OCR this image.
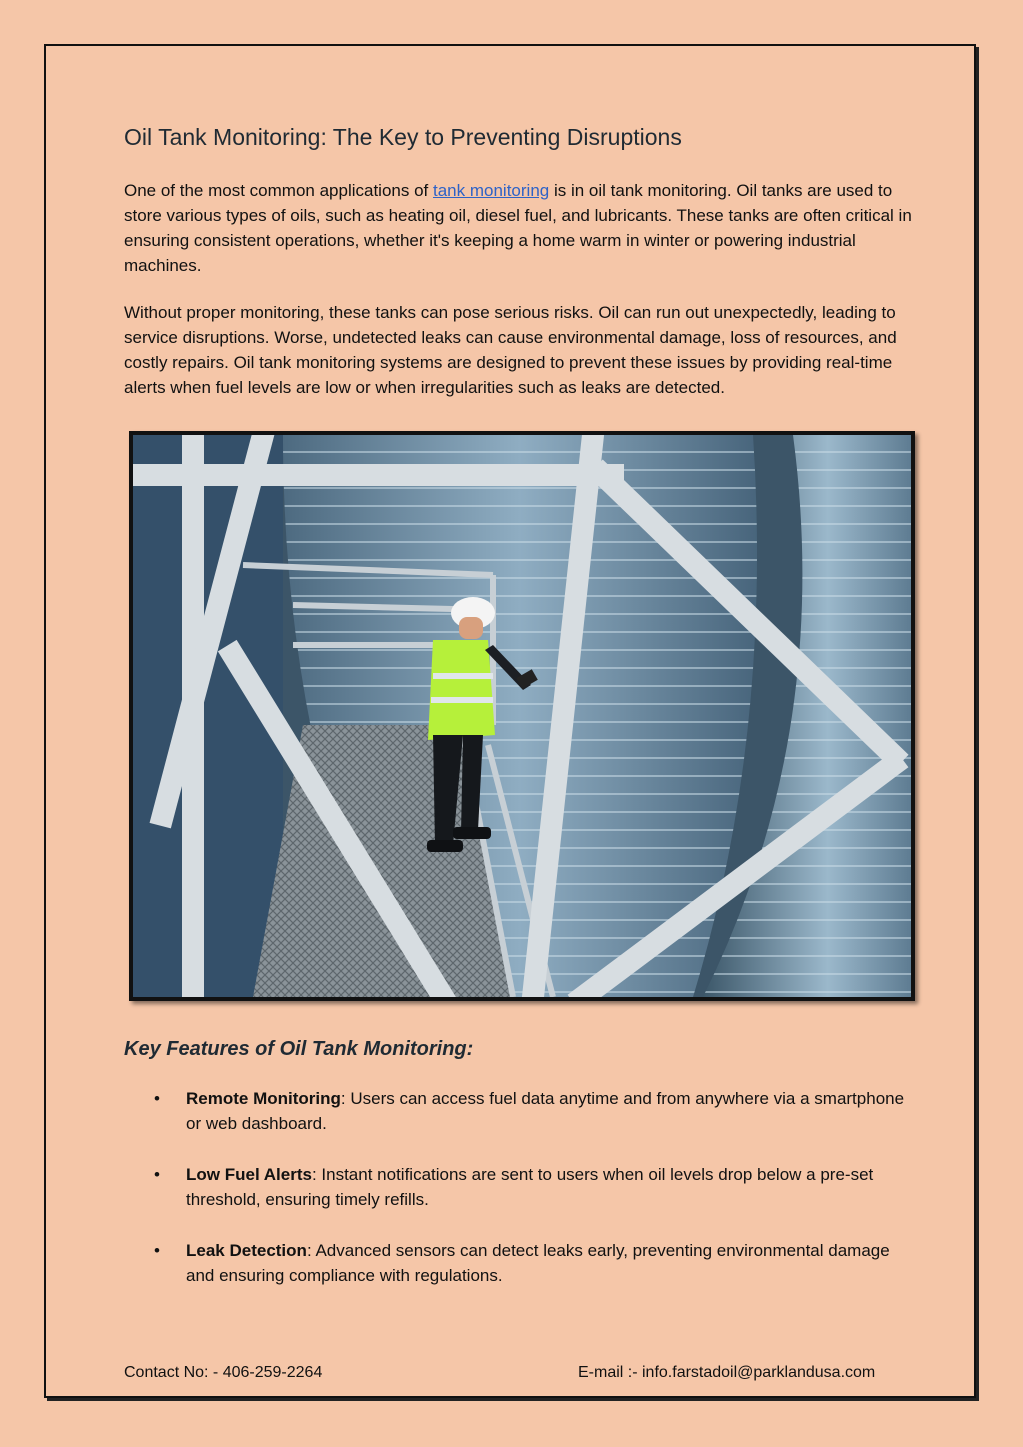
Oil Tank Monitoring: The Key to Preventing Disruptions

One of the most common applications of tank monitoring is in oil tank monitoring. Oil tanks are used to store various types of oils, such as heating oil, diesel fuel, and lubricants. These tanks are often critical in ensuring consistent operations, whether it's keeping a home warm in winter or powering industrial machines.

Without proper monitoring, these tanks can pose serious risks. Oil can run out unexpectedly, leading to service disruptions. Worse, undetected leaks can cause environmental damage, loss of resources, and costly repairs. Oil tank monitoring systems are designed to prevent these issues by providing real-time alerts when fuel levels are low or when irregularities such as leaks are detected.

Key Features of Oil Tank Monitoring:
• Remote Monitoring: Users can access fuel data anytime and from anywhere via a smartphone or web dashboard.
• Low Fuel Alerts: Instant notifications are sent to users when oil levels drop below a pre-set threshold, ensuring timely refills.
• Leak Detection: Advanced sensors can detect leaks early, preventing environmental damage and ensuring compliance with regulations.
Contact No: - 406-259-2264	E-mail :- info.farstadoil@parklandusa.com
